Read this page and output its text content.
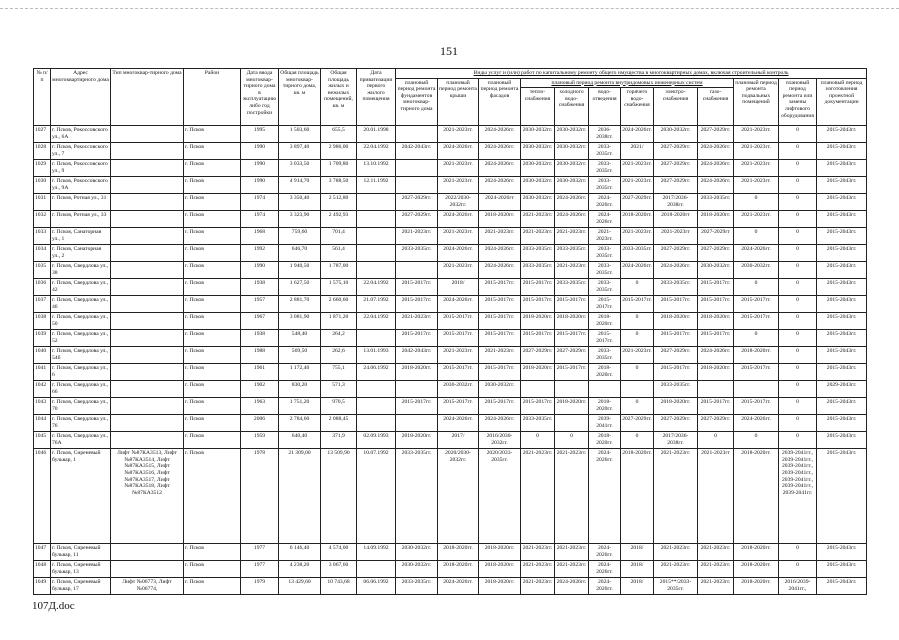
151
№ п/п	Адрес многоквартирного дома	Тип многоквар-тирного дома	Район	Дата ввода многоквар-тирного дома в эксплуатацию либо год постройки	Общая площадь многоквар-тирного дома, кв. м	Общая площадь жилых и нежилых помещений, кв. м	Дата приватизации первого жилого помещения	Виды услуг и (или) работ по капитальному ремонту общего имущества в многоквартирных домах, включая строительный контроль											
								плановый период ремонта фундаментов многоквар-тирного дома	плановый период ремонта крыши	плановый период ремонта фасадов	плановый период ремонта внутридомовых инженерных систем						плановый период ремонта подвальных помещений	плановый период ремонта или замены лифтового оборудования	плановый период изготовления проектной документации
											тепло-снабжения	холодного водо-снабжения	водо-отведения	горячего водо-снабжения	электро-снабжения	газо-снабжения			
1027	г. Псков, Рокоссовского ул., 6А		г. Псков	1995	1 503,60	655,5	20.01.1998		2021-2023гг.	2024-2026гг.	2030-2032гг.	2030-2032гг.	2036-2038гг.	2024-2026гг.	2030-2032гг.	2027-2029гг.	2021-2023гг.	0	2015-2043гг.
1028	г. Псков, Рокоссовского ул., 7		г. Псков	1990	3 897,40	2 986,00	22.04.1992	2042-2043гг.	2024-2026гг.	2024-2026гг.	2030-2032гг.	2030-2032гг.	2033-2035гг.	2021/	2027-2029гг.	2024-2026гг.	2021-2023гг.	0	2015-2043гг.
1029	г. Псков, Рокоссовского ул., 9		г. Псков	1990	3 033,50	1 709,80	13.10.1992		2021-2023гг.	2024-2026гг.	2030-2032гг.	2030-2032гг.	2033-2035гг.	2021-2023гг.	2027-2029гг.	2024-2026гг.	2021-2023гг.	0	2015-2043гг.
1030	г. Псков, Рокоссовского ул., 9А		г. Псков	1990	4 914,70	3 788,50	12.11.1992		2021-2023гг.	2024-2026гг.	2030-2032гг.	2030-2032гг.	2033-2035гг.	2021-2023гг.	2027-2029гг.	2024-2026гг.	2021-2023гг.	0	2015-2043гг.
1031	г. Псков, Ротная ул., 31		г. Псков	1974	3 350,40	2 512,80		2027-2029гг.	2022/2030-2032гг.	2024-2026гг	2030-2032гг.	2024-2026гг.	2024-2026гг.	2027-2029гг.	2017/2036-2038гг.	2033-2035гг.	0	0	2015-2043гг.
1032	г. Псков, Ротная ул., 33		г. Псков	1974	3 323,90	2 492,93		2027-2029гг.	2024-2026гг.	2018-2020гг.	2021-2023гг.	2024-2026гг.	2024-2026гг.	2018-2020гг.	2018-2020гг	2018-2020гг.	2021-2023гг.	0	2015-2043гг.
1033	г. Псков, Санаторная ул., 1		г. Псков	1968	759,60	701,4		2021-2023гг.	2021-2023гг.	2021-2023гг.	2021-2023гг.	2021-2023гг.	2021-2023гг.	2021-2023гг.	2021-2023гг	2027-2029гг	0	0	2015-2043гг.
1034	г. Псков, Санаторная ул., 2		г. Псков	1992	646,70	561,4		2033-2035гг.	2024-2026гг.	2024-2026гг.	2033-2035гг.	2033-2035гг.	2033-2035гг.	2033-2035гг.	2027-2029гг.	2027-2029гг.	2024-2026гг.	0	2015-2043гг.
1035	г. Псков, Свердлова ул., 38		г. Псков	1990	1 940,50	1 787,00			2021-2023гг.	2024-2026гг.	2033-2035гг.	2021-2023гг.	2033-2035гг.	2024-2026гг.	2024-2026гг.	2030-2032гг.	2030-2032гг.	0	2015-2043гг.
1036	г. Псков, Свердлова ул., 42		г. Псков	1938	1 627,50	1 575,10	22.04.1992	2015-2017гг.	2018/	2015-2017гг.	2015-2017гг.	2033-2035гг.	2033-2035гг.	0	2033-2035гг.	2015-2017гг.	0	0	2015-2043гг.
1037	г. Псков, Свердлова ул., 46		г. Псков	1957	2 881,70	2 660,60	21.07.1992	2015-2017гг.	2024-2026гг.	2015-2017гг.	2015-2017гг.	2015-2017гг.	2015-2017гг.	2015-2017гг.	2015-2017гг.	2015-2017гг.	2015-2017гг.	0	2015-2043гг.
1038	г. Псков, Свердлова ул., 50		г. Псков	1967	3 081,90	1 871,20	22.04.1992	2021-2023гг.	2015-2017гг.	2015-2017гг.	2018-2020гг.	2018-2020гг.	2018-2020гг.	0	2018-2020гг.	2018-2020гг.	2015-2017гг.	0	2015-2043гг.
1039	г. Псков, Свердлова ул., 52		г. Псков	1938	548,40	264,2		2015-2017гг.	2015-2017гг.	2015-2017гг.	2015-2017гг.	2015-2017гг.	2015-2017гг.	0	2015-2017гг.	2015-2017гг.	0	0	2015-2043гг.
1040	г. Псков, Свердлова ул., 54б		г. Псков	1988	569,50	262,6	13.01.1993	2042-2043гг.	2021-2023гг.	2021-2023гг.	2027-2029гг.	2027-2029гг.	2033-2035гг.	2021-2023гг.	2027-2029гг.	2024-2026гг.	2018-2020гг.	0	2015-2043гг.
1041	г. Псков, Свердлова ул., 6		г. Псков	1961	1 172,40	755,1	24.06.1992	2018-2020гг.	2015-2017гг.	2015-2017гг.	2018-2020гг.	2015-2017гг.	2018-2020гг.	0	2015-2017гг.	2018-2020гг.	2015-2017гг.	0	2015-2043гг.
1042	г. Псков, Свердлова ул., 66		г. Псков	1902	830,20	571,3			2030-2032гг.	2030-2032гг.					2033-2035гг.			0	2029-2043гг.
1043	г. Псков, Свердлова ул., 70		г. Псков	1963	1 751,20	970,5		2015-2017гг.	2015-2017гг.	2015-2017гг.	2015-2017гг.	2018-2020гг.	2018-2020гг.	0	2018-2020гг.	2015-2017гг.	2015-2017гг.	0	2015-2043гг.
1044	г. Псков, Свердлова ул., 76		г. Псков	2006	2 784,60	2 088,45			2024-2026гг.	2024-2026гг.	2033-2035гг.		2039-2041гг.	2027-2029гг.	2027-2029гг.	2027-2029гг.	2024-2026гг.	0	2015-2043гг.
1045	г. Псков, Свердлова ул., 76А		г. Псков	1959	640,40	371,9	02.09.1993	2018-2020гг.	2017/	2016/2030-2032гг.	0	0	2018-2020гг.	0	2017/2036-2038гг.	0	0	0	2015-2043гг.
1046	г. Псков, Сиреневый бульвар, 1	Лифт №87КА3513, Лифт №87КА3514, Лифт №87КА3515, Лифт №87КА3516, Лифт №87КА3517, Лифт №87КА3518, Лифт №87КА3512	г. Псков	1978	21 309,00	13 509,90	10.07.1992	2033-2035гг.	2020/2030-2032гг.	2020/2033-2035гг.	2021-2023гг.	2021-2023гг.	2024-2026гг.	2018-2020гг.	2021-2023гг.	2021-2023гг	2018-2020гг.	2039-2041гг., 2039-2041гг., 2039-2041гг., 2039-2041гг., 2039-2041гг., 2039-2041гг., 2039-2041гг.	2015-2043гг.
1047	г. Псков, Сиреневый бульвар, 11		г. Псков	1977	6 146,40	4 574,00	14.09.1992	2030-2032гг.	2018-2020гг.	2018-2020гг.	2021-2023гг.	2021-2023гг.	2024-2026гг.	2018/	2021-2023гг.	2021-2023гг.	2018-2020гг.	0	2015-2043гг.
1048	г. Псков, Сиреневый бульвар, 13		г. Псков	1977	4 238,20	3 067,60		2030-2032гг.	2018-2020гг.	2018-2020гг.	2021-2023гг.	2021-2023гг.	2024-2026гг.	2018/	2021-2023гг.	2021-2023гг.	2018-2020гг.	0	2015-2043гг.
1049	г. Псков, Сиреневый бульвар, 17	Лифт №06773, Лифт №06774,	г. Псков	1979	13 429,60	10 743,68	06.06.1992	2033-2035гг.	2024-2026гг.	2018-2020гг.	2021-2023гг.	2024-2026гг.	2024-2026гг.	2018/	2015**/2033-2035гг.	2021-2023гг.	2018-2020гг.	2016/2039-2041гг.,	2015-2043гг.
107Д.doc
